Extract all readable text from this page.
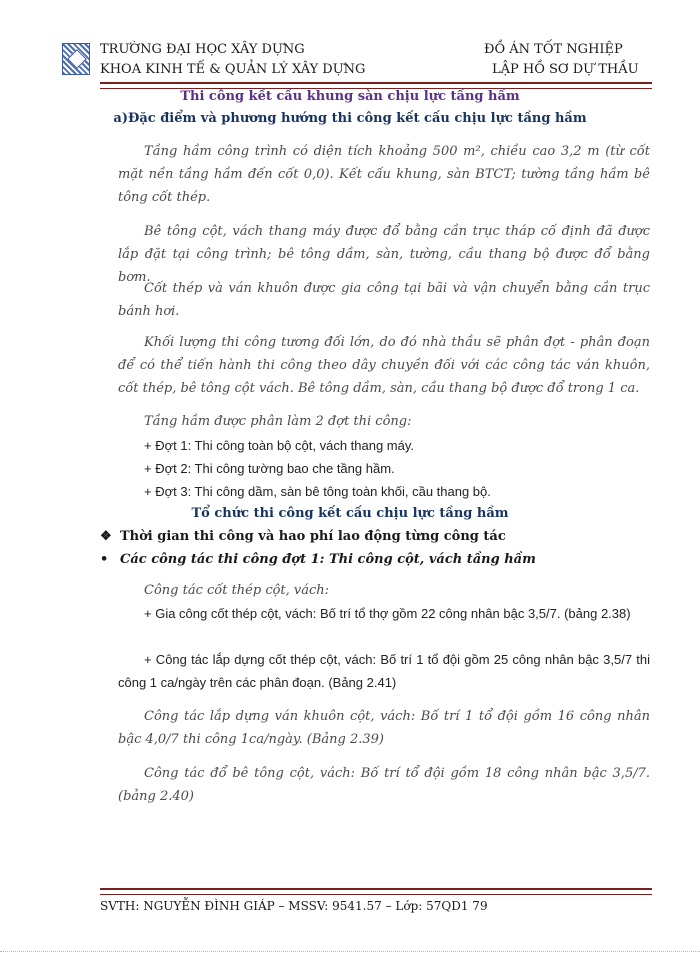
TRƯỜNG ĐẠI HỌC XÂY DỰNG
KHOA KINH TẾ & QUẢN LÝ XÂY DỰNG
ĐỒ ÁN TỐT NGHIỆP
LẬP HỒ SƠ DỰ THẦU
Thi công kết cấu khung sàn chịu lực tầng hầm
a)Đặc điểm và phương hướng thi công kết cấu chịu lực tầng hầm

Tầng hầm công trình có diện tích khoảng 500 m², chiều cao 3,2 m (từ cốt mặt nền tầng hầm đến cốt 0,0). Kết cấu khung, sàn BTCT; tường tầng hầm bê tông cốt thép.

Bê tông cột, vách thang máy được đổ bằng cần trục tháp cố định đã được lắp đặt tại công trình; bê tông dầm, sàn, tường, cầu thang bộ được đổ bằng bơm.

Cốt thép và ván khuôn được gia công tại bãi và vận chuyển bằng cần trục bánh hơi.

Khối lượng thi công tương đối lớn, do đó nhà thầu sẽ phân đợt - phân đoạn để có thể tiến hành thi công theo dây chuyền đối với các công tác ván khuôn, cốt thép, bê tông cột vách. Bê tông dầm, sàn, cầu thang bộ được đổ trong 1 ca.

Tầng hầm được phân làm 2 đợt thi công:
+ Đợt 1: Thi công toàn bộ cột, vách thang máy.
+ Đợt 2: Thi công tường bao che tầng hầm.
+ Đợt 3: Thi công dầm, sàn bê tông toàn khối, cầu thang bộ.
Tổ chức thi công kết cấu chịu lực tầng hầm
❖ Thời gian thi công và hao phí lao động từng công tác
• Các công tác thi công đợt 1: Thi công cột, vách tầng hầm
Công tác cốt thép cột, vách:

+ Gia công cốt thép cột, vách: Bố trí tổ thợ gồm 22 công nhân bậc 3,5/7. (bảng 2.38)

+ Công tác lắp dựng cốt thép cột, vách: Bố trí 1 tổ đội gồm 25 công nhân bậc 3,5/7 thi công 1 ca/ngày trên các phân đoạn. (Bảng 2.41)

Công tác lắp dựng ván khuôn cột, vách: Bố trí 1 tổ đội gồm 16 công nhân bậc 4,0/7 thi công 1ca/ngày. (Bảng 2.39)

Công tác đổ bê tông cột, vách: Bố trí tổ đội gồm 18 công nhân bậc 3,5/7. (bảng 2.40)

SVTH: NGUYỄN ĐÌNH GIÁP – MSSV: 9541.57 – Lớp: 57QD1 79
